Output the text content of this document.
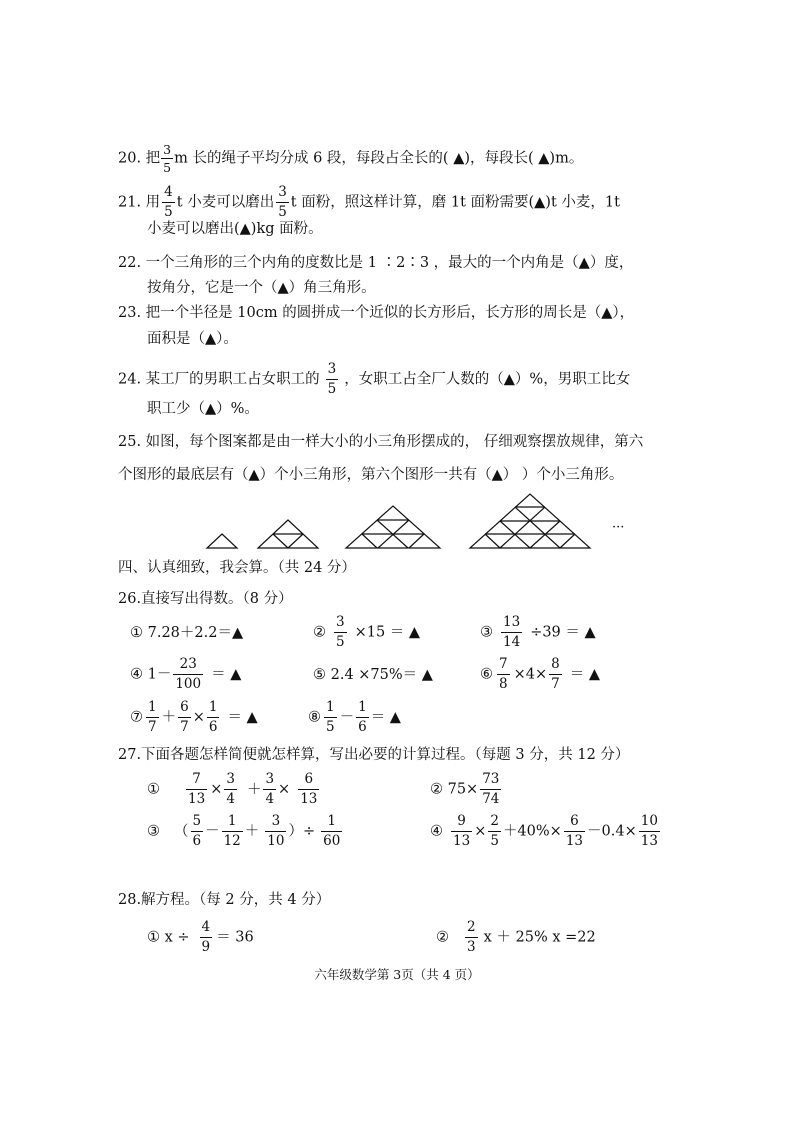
20. 把 $\frac{3}{5}$ m 长的绳子平均分成 6 段，每段占全长的( ▲)，每段长( ▲)m。
21. 用 $\frac{4}{5}$ t 小麦可以磨出 $\frac{3}{5}$ t 面粉，照这样计算，磨 1t 面粉需要(▲)t 小麦，1t
小麦可以磨出(▲)kg 面粉。
22. 一个三角形的三个内角的度数比是 1 ∶2∶3 ，最大的一个内角是（▲）度，
按角分，它是一个（▲）角三角形。
23. 把一个半径是 10cm 的圆拼成一个近似的长方形后，长方形的周长是（▲），
面积是（▲）。
24. 某工厂的男职工占女职工的 $\frac{3}{5}$ ，女职工占全厂人数的（▲）%，男职工比女
职工少（▲）%。
25. 如图，每个图案都是由一样大小的小三角形摆成的， 仔细观察摆放规律，第六
个图形的最底层有（▲）个小三角形，第六个图形一共有（▲） ）个小三角形。
···
四、认真细致，我会算。（共 24 分）
26.直接写出得数。（8 分）
① 7.28＋2.2＝▲	② $\frac{3}{5} \times 15$ ＝ ▲	③ $\frac{13}{14} \div 39$ ＝ ▲
④ $1- \frac{23}{100}$ ＝ ▲	⑤ 2.4 ×75%＝ ▲	⑥ $\frac{7}{8} \times 4\times \frac{8}{7}$ ＝ ▲
⑦ $\frac{1}{7} + \frac{6}{7} \times \frac{1}{6}$ ＝ ▲	⑧ $\frac{1}{5} - \frac{1}{6}$ ＝ ▲
27.下面各题怎样简便就怎样算，写出必要的计算过程。（每题 3 分，共 12 分）
① $\frac{7}{13} \times \frac{3}{4} + \frac{3}{4} \times \frac{6}{13}$	② $75\times \frac{73}{74}$
③ （ $\frac{5}{6} - \frac{1}{12} + \frac{3}{10}$ ）÷ $\frac{1}{60}$	④ $\frac{9}{13} \times \frac{2}{5} +40\%\times \frac{6}{13} -0.4\times \frac{10}{13}$
28.解方程。（每 2 分，共 4 分）
① $x \div \frac{4}{9} = 36$	② $\frac{2}{3}$ x ＋ 25% x =22
六年级数学第 3页（共 4 页）
